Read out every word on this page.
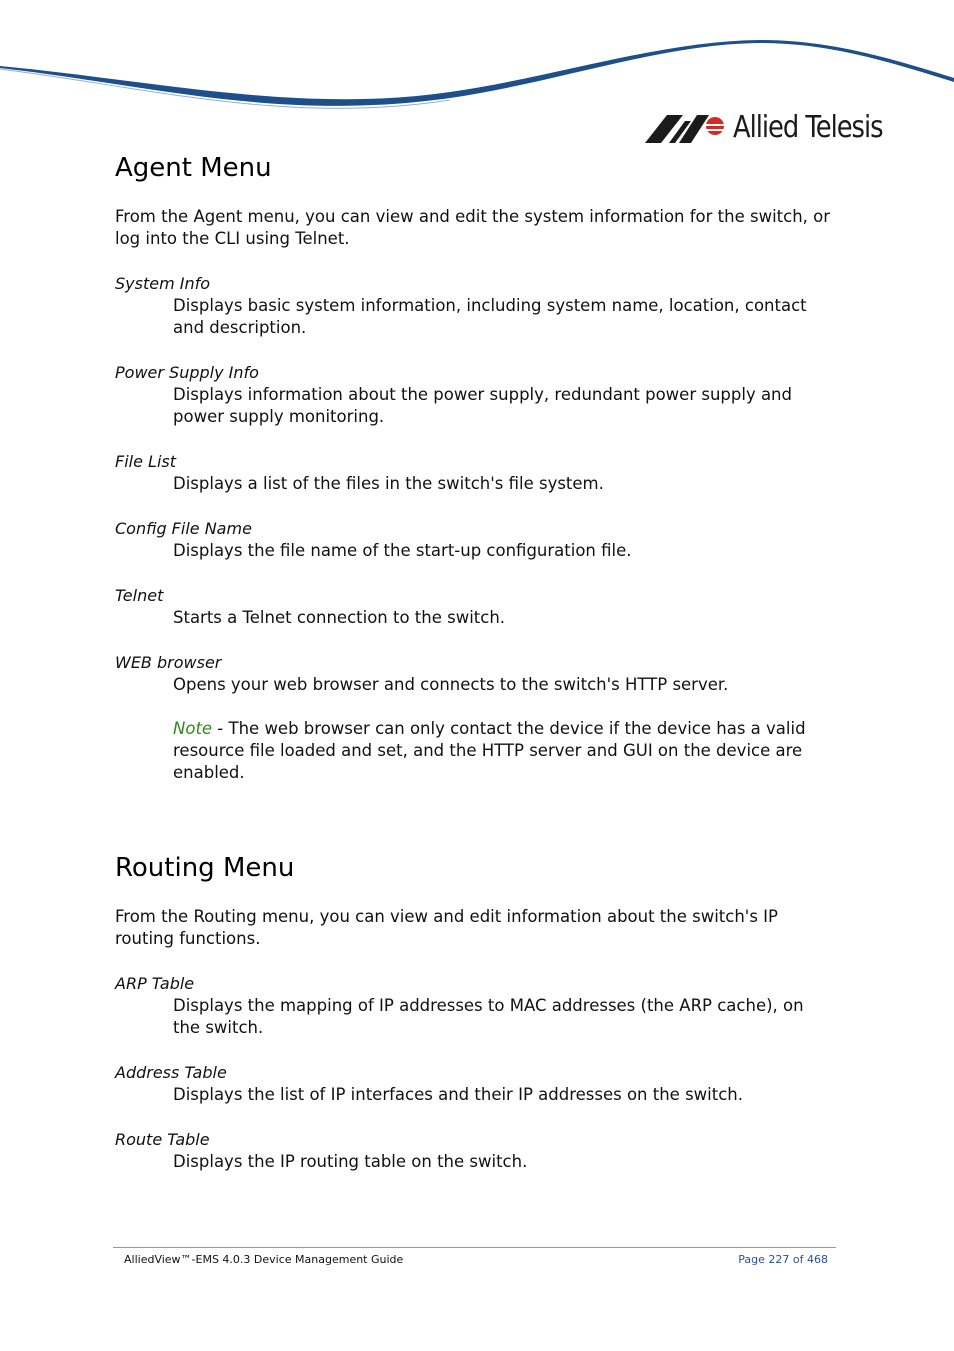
Allied Telesis
Agent Menu

From the Agent menu, you can view and edit the system information for the switch, or log into the CLI using Telnet.

System Info

Displays basic system information, including system name, location, contact and description.

Power Supply Info

Displays information about the power supply, redundant power supply and power supply monitoring.

File List

Displays a list of the files in the switch's file system.

Config File Name

Displays the file name of the start-up configuration file.

Telnet

Starts a Telnet connection to the switch.

WEB browser

Opens your web browser and connects to the switch's HTTP server.

Note - The web browser can only contact the device if the device has a valid resource file loaded and set, and the HTTP server and GUI on the device are enabled.

Routing Menu

From the Routing menu, you can view and edit information about the switch's IP routing functions.

ARP Table

Displays the mapping of IP addresses to MAC addresses (the ARP cache), on the switch.

Address Table

Displays the list of IP interfaces and their IP addresses on the switch.

Route Table

Displays the IP routing table on the switch.

AlliedView™-EMS 4.0.3 Device Management Guide	Page 227 of 468
